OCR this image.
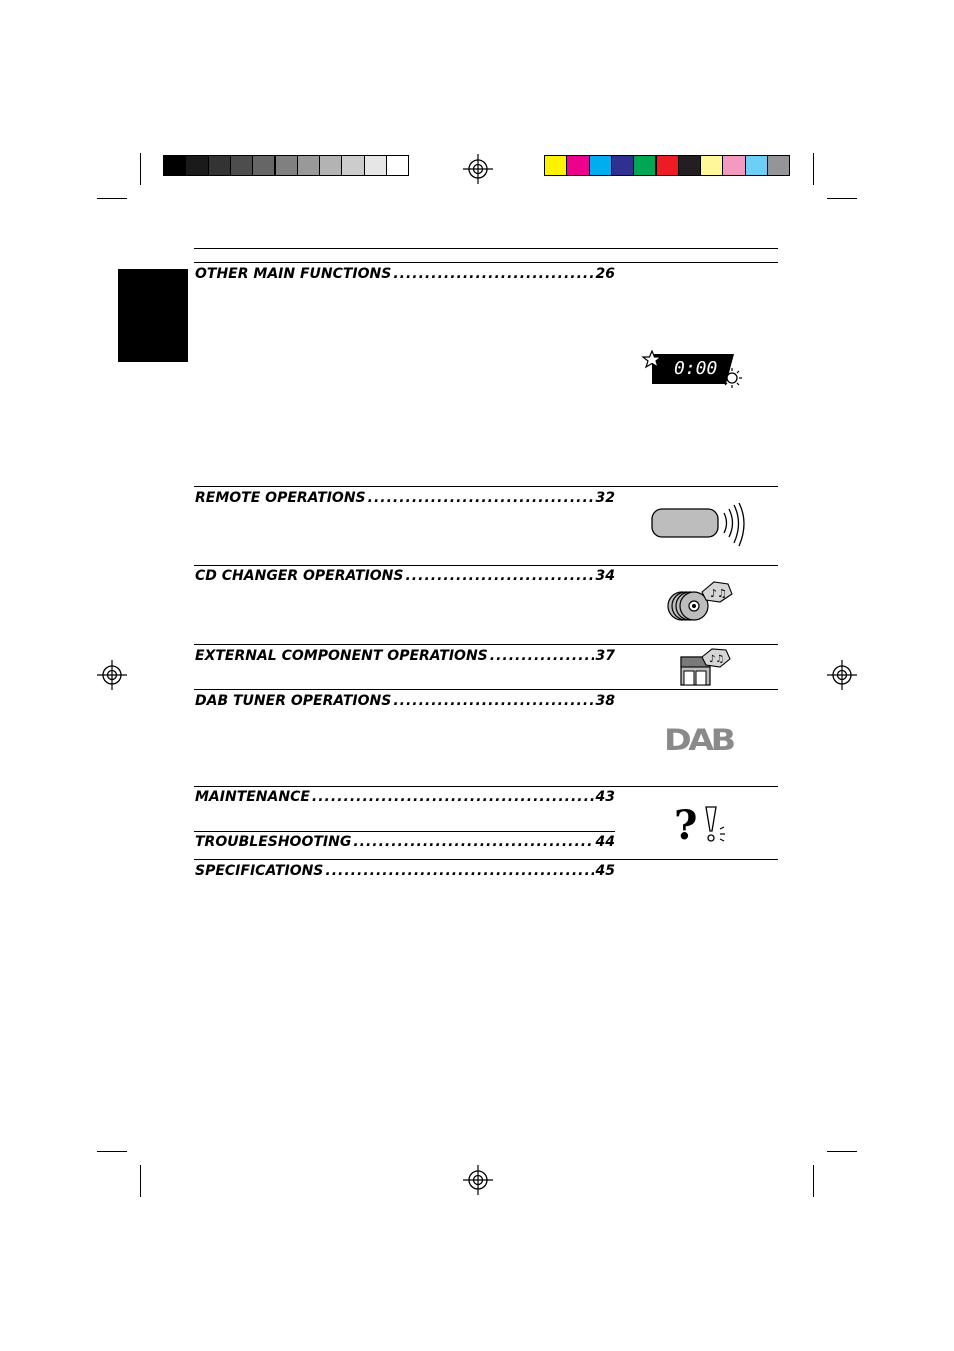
OTHER MAIN FUNCTIONS .....	26
REMOTE OPERATIONS .....	32
CD CHANGER OPERATIONS .....	34
EXTERNAL COMPONENT OPERATIONS .....	37
DAB TUNER OPERATIONS .....	38
MAINTENANCE .....	43
TROUBLESHOOTING .....	44
SPECIFICATIONS .....	45
0:00
♪♫
♪♫
DAB
?
